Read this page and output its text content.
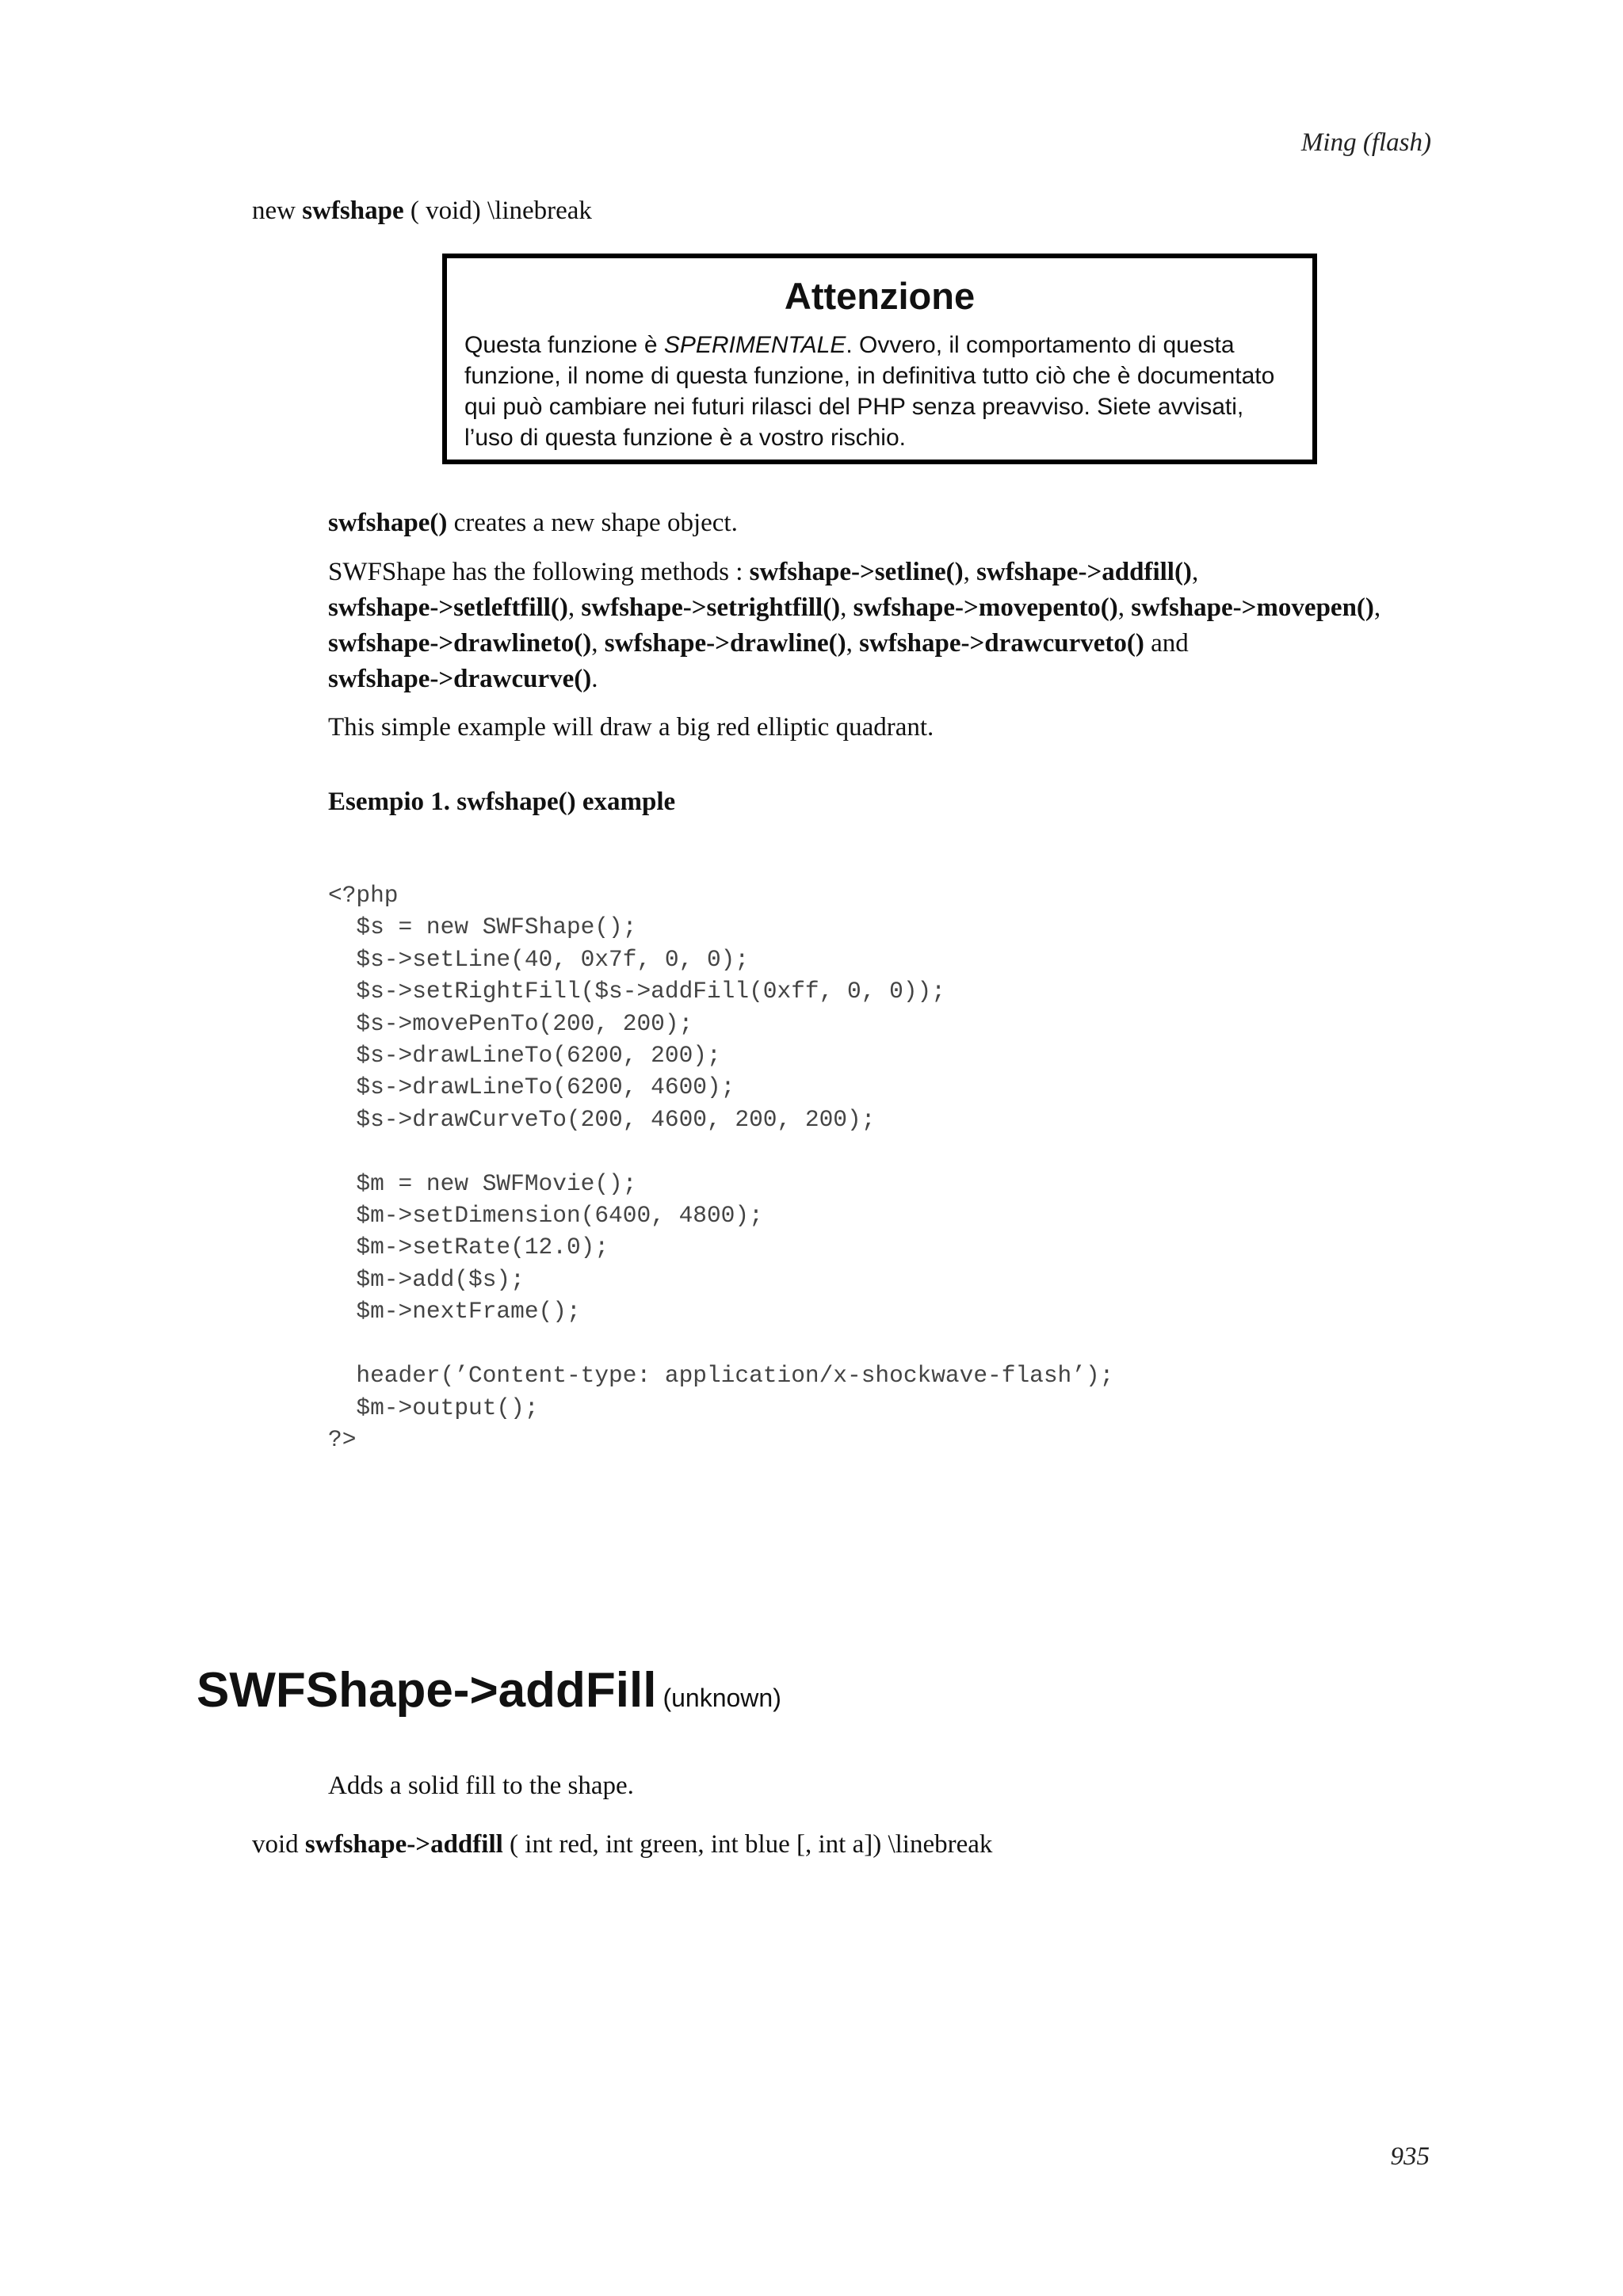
Ming (flash)
new swfshape ( void) \linebreak
Attenzione
Questa funzione è SPERIMENTALE. Ovvero, il comportamento di questa funzione, il nome di questa funzione, in definitiva tutto ciò che è documentato qui può cambiare nei futuri rilasci del PHP senza preavviso. Siete avvisati, l’uso di questa funzione è a vostro rischio.
swfshape() creates a new shape object.
SWFShape has the following methods : swfshape->setline(), swfshape->addfill(),
swfshape->setleftfill(), swfshape->setrightfill(), swfshape->movepento(), swfshape->movepen(),
swfshape->drawlineto(), swfshape->drawline(), swfshape->drawcurveto() and
swfshape->drawcurve().
This simple example will draw a big red elliptic quadrant.
Esempio 1. swfshape() example
<?php
$s = new SWFShape();
$s->setLine(40, 0x7f, 0, 0);
$s->setRightFill($s->addFill(0xff, 0, 0));
$s->movePenTo(200, 200);
$s->drawLineTo(6200, 200);
$s->drawLineTo(6200, 4600);
$s->drawCurveTo(200, 4600, 200, 200);

$m = new SWFMovie();
$m->setDimension(6400, 4800);
$m->setRate(12.0);
$m->add($s);
$m->nextFrame();

header(’Content-type: application/x-shockwave-flash’);
$m->output();
?>
SWFShape->addFill (unknown)
Adds a solid fill to the shape.
void swfshape->addfill ( int red, int green, int blue [, int a]) \linebreak
935
